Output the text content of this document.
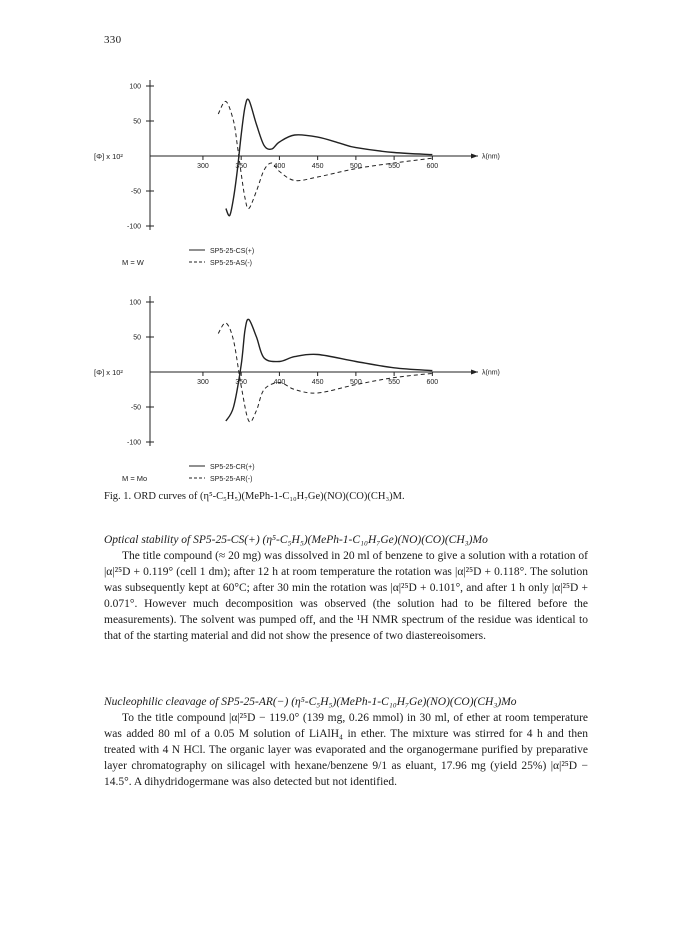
330
λ(nm)
[Φ] x 10²
100
50
-50
-100
300	350	400	450	500	550	600
SP5-25-CS(+)
SP5-25-AS(-)
M = W
λ(nm)
[Φ] x 10²
100
50
-50
-100
300	350	400	450	500	550	600
SP5-25-CR(+)
SP5-25-AR(-)
M = Mo
Fig. 1. ORD curves of (η⁵-C₅H₅)(MePh-1-C₁₀H₇Ge)(NO)(CO)(CH₃)M.

Optical stability of SP5-25-CS(+) (η⁵-C₅H₅)(MePh-1-C₁₀H₇Ge)(NO)(CO)(CH₃)Mo

The title compound (≈ 20 mg) was dissolved in 20 ml of benzene to give a solution with a rotation of |α|²⁵D + 0.119° (cell 1 dm); after 12 h at room temperature the rotation was |α|²⁵D + 0.118°. The solution was subsequently kept at 60°C; after 30 min the rotation was |α|²⁵D + 0.101°, and after 1 h only |α|²⁵D + 0.071°. However much decomposition was observed (the solution had to be filtered before the measurements). The solvent was pumped off, and the ¹H NMR spectrum of the residue was identical to that of the starting material and did not show the presence of two diastereoisomers.

Nucleophilic cleavage of SP5-25-AR(−) (η⁵-C₅H₅)(MePh-1-C₁₀H₇Ge)(NO)(CO)(CH₃)Mo

To the title compound |α|²⁵D − 119.0° (139 mg, 0.26 mmol) in 30 ml, of ether at room temperature was added 80 ml of a 0.05 M solution of LiAlH₄ in ether. The mixture was stirred for 4 h and then treated with 4 N HCl. The organic layer was evaporated and the organogermane purified by preparative layer chromatography on silicagel with hexane/benzene 9/1 as eluant, 17.96 mg (yield 25%) |α|²⁵D − 14.5°. A dihydridogermane was also detected but not identified.
